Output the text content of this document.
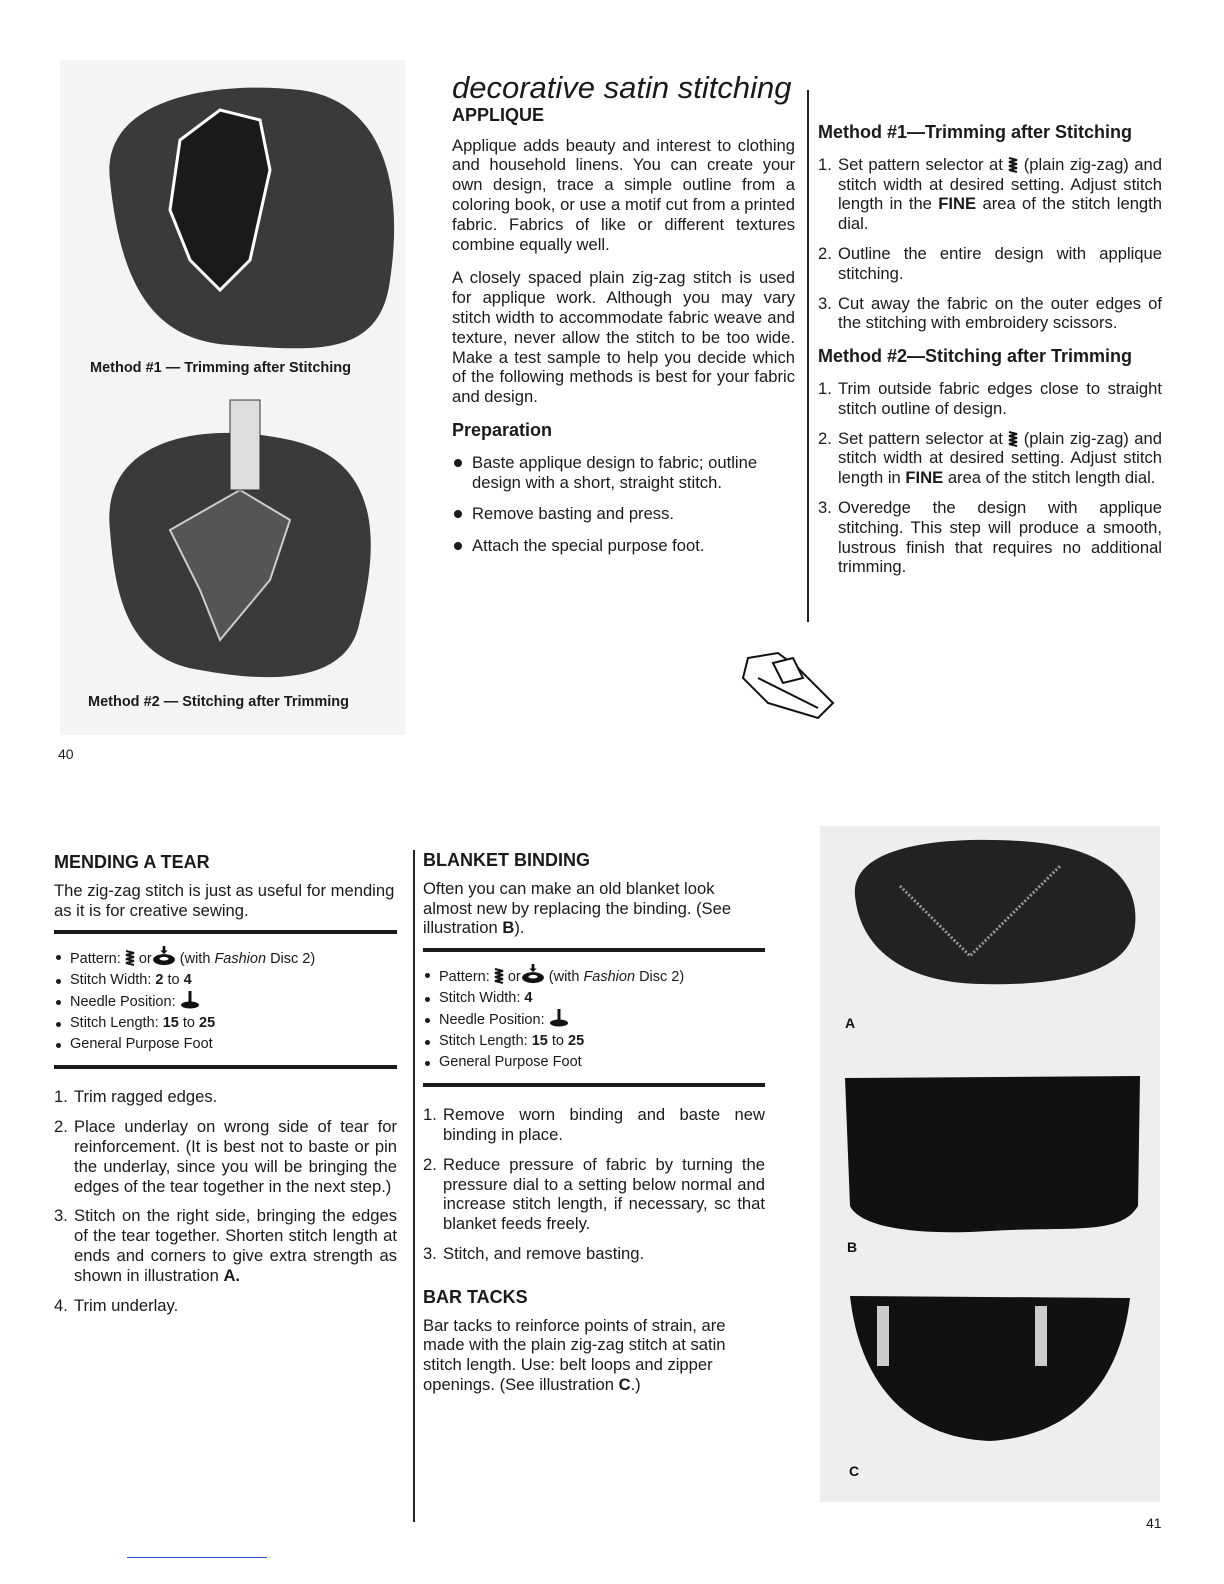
Method #1 — Trimming after Stitching
Method #2 — Stitching after Trimming
40
decorative satin stitching
APPLIQUE

Applique adds beauty and interest to clothing and household linens. You can create your own design, trace a simple outline from a coloring book, or use a motif cut from a printed fabric. Fabrics of like or different textures combine equally well.

A closely spaced plain zig-zag stitch is used for applique work. Although you may vary stitch width to accommodate fabric weave and texture, never allow the stitch to be too wide. Make a test sample to help you decide which of the following methods is best for your fabric and design.

Preparation
Baste applique design to fabric; outline design with a short, straight stitch.
Remove basting and press.
Attach the special purpose foot.
Method #1—Trimming after Stitching
1. Set pattern selector at (plain zig-zag) and stitch width at desired setting. Adjust stitch length in the FINE area of the stitch length dial.
2. Outline the entire design with applique stitching.
3. Cut away the fabric on the outer edges of the stitching with embroidery scissors.
Method #2—Stitching after Trimming
1. Trim outside fabric edges close to straight stitch outline of design.
2. Set pattern selector at (plain zig-zag) and stitch width at desired setting. Adjust stitch length in FINE area of the stitch length dial.
3. Overedge the design with applique stitching. This step will produce a smooth, lustrous finish that requires no additional trimming.
MENDING A TEAR

The zig-zag stitch is just as useful for mending as it is for creative sewing.

Pattern: or (with Fashion Disc 2)
Stitch Width: 2 to 4
Needle Position:
Stitch Length: 15 to 25
General Purpose Foot
1. Trim ragged edges.
2. Place underlay on wrong side of tear for reinforcement. (It is best not to baste or pin the underlay, since you will be bringing the edges of the tear together in the next step.)
3. Stitch on the right side, bringing the edges of the tear together. Shorten stitch length at ends and corners to give extra strength as shown in illustration A.
4. Trim underlay.
BLANKET BINDING

Often you can make an old blanket look almost new by replacing the binding. (See illustration B).

Pattern: or (with Fashion Disc 2)
Stitch Width: 4
Needle Position:
Stitch Length: 15 to 25
General Purpose Foot
1. Remove worn binding and baste new binding in place.
2. Reduce pressure of fabric by turning the pressure dial to a setting below normal and increase stitch length, if necessary, sc that blanket feeds freely.
3. Stitch, and remove basting.
BAR TACKS

Bar tacks to reinforce points of strain, are made with the plain zig-zag stitch at satin stitch length. Use: belt loops and zipper openings. (See illustration C.)

A
B
C
41
